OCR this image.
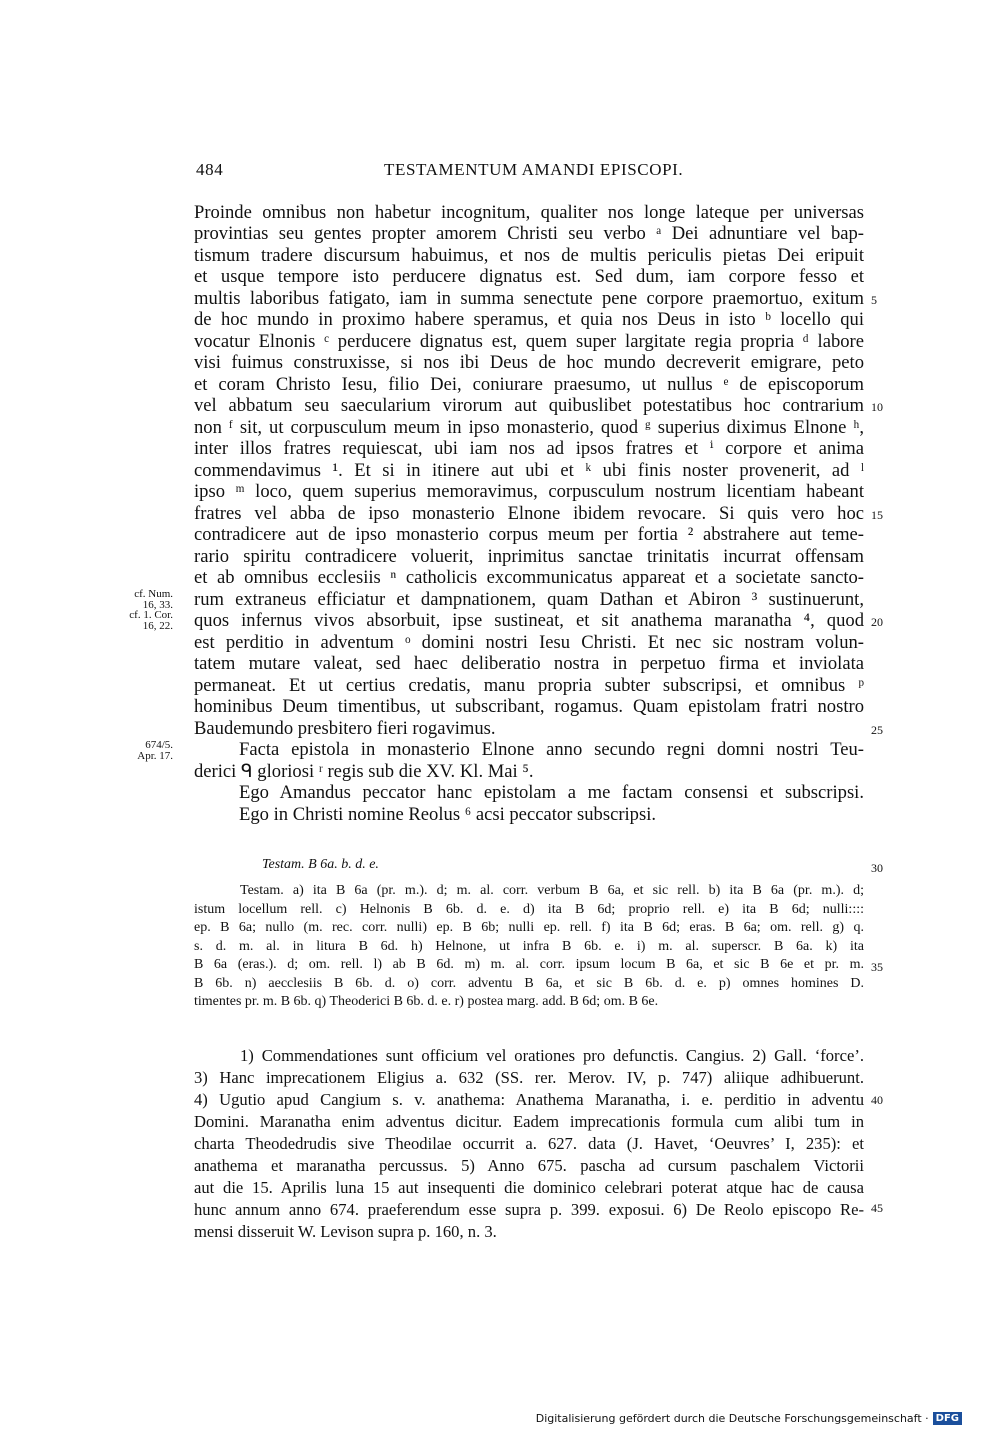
484	TESTAMENTUM AMANDI EPISCOPI.
Proinde omnibus non habetur incognitum, qualiter nos longe lateque per universas
provintias seu gentes propter amorem Christi seu verbo ᵃ Dei adnuntiare vel bap-
tismum tradere discursum habuimus, et nos de multis periculis pietas Dei eripuit
et usque tempore isto perducere dignatus est. Sed dum, iam corpore fesso et
multis laboribus fatigato, iam in summa senectute pene corpore praemortuo, exitum
de hoc mundo in proximo habere speramus, et quia nos Deus in isto ᵇ locello qui
vocatur Elnonis ᶜ perducere dignatus est, quem super largitate regia propria ᵈ labore
visi fuimus construxisse, si nos ibi Deus de hoc mundo decreverit emigrare, peto
et coram Christo Iesu, filio Dei, coniurare praesumo, ut nullus ᵉ de episcoporum
vel abbatum seu saecularium virorum aut quibuslibet potestatibus hoc contrarium
non ᶠ sit, ut corpusculum meum in ipso monasterio, quod ᵍ superius diximus Elnone ʰ,
inter illos fratres requiescat, ubi iam nos ad ipsos fratres et ⁱ corpore et anima
commendavimus ¹. Et si in itinere aut ubi et ᵏ ubi finis noster provenerit, ad ˡ
ipso ᵐ loco, quem superius memoravimus, corpusculum nostrum licentiam habeant
fratres vel abba de ipso monasterio Elnone ibidem revocare. Si quis vero hoc
contradicere aut de ipso monasterio corpus meum per fortia ² abstrahere aut teme-
rario spiritu contradicere voluerit, inprimitus sanctae trinitatis incurrat offensam
et ab omnibus ecclesiis ⁿ catholicis excommunicatus appareat et a societate sancto-
rum extraneus efficiatur et dampnationem, quam Dathan et Abiron ³ sustinuerunt,
quos infernus vivos absorbuit, ipse sustineat, et sit anathema maranatha ⁴, quod
est perditio in adventum ᵒ domini nostri Iesu Christi. Et nec sic nostram volun-
tatem mutare valeat, sed haec deliberatio nostra in perpetuo firma et inviolata
permaneat. Et ut certius credatis, manu propria subter subscripsi, et omnibus ᵖ
hominibus Deum timentibus, ut subscribant, rogamus. Quam epistolam fratri nostro
Baudemundo presbitero fieri rogavimus.
Facta epistola in monasterio Elnone anno secundo regni domni nostri Teu-
derici ᑫ gloriosi ʳ regis sub die XV. Kl. Mai ⁵.
Ego Amandus peccator hanc epistolam a me factam consensi et subscripsi.
Ego in Christi nomine Reolus ⁶ acsi peccator subscripsi.
cf. Num.
16, 33.
cf. 1. Cor.
16, 22.
674/5.
Apr. 17.
5
10
15
20
25
30
35
40
45
Testam. B 6a. b. d. e.
Testam. a) ita B 6a (pr. m.). d; m. al. corr. verbum B 6a, et sic rell. b) ita B 6a (pr. m.). d;
istum locellum rell. c) Helnonis B 6b. d. e. d) ita B 6d; proprio rell. e) ita B 6d; nulli::::
ep. B 6a; nullo (m. rec. corr. nulli) ep. B 6b; nulli ep. rell. f) ita B 6d; eras. B 6a; om. rell. g) q.
s. d. m. al. in litura B 6d. h) Helnone, ut infra B 6b. e. i) m. al. superscr. B 6a. k) ita
B 6a (eras.). d; om. rell. l) ab B 6d. m) m. al. corr. ipsum locum B 6a, et sic B 6e et pr. m.
B 6b. n) aecclesiis B 6b. d. o) corr. adventu B 6a, et sic B 6b. d. e. p) omnes homines D.
timentes pr. m. B 6b. q) Theoderici B 6b. d. e. r) postea marg. add. B 6d; om. B 6e.
1) Commendationes sunt officium vel orationes pro defunctis. Cangius. 2) Gall. ‘force’.
3) Hanc imprecationem Eligius a. 632 (SS. rer. Merov. IV, p. 747) aliique adhibuerunt.
4) Ugutio apud Cangium s. v. anathema: Anathema Maranatha, i. e. perditio in adventu
Domini. Maranatha enim adventus dicitur. Eadem imprecationis formula cum alibi tum in
charta Theodedrudis sive Theodilae occurrit a. 627. data (J. Havet, ‘Oeuvres’ I, 235): et
anathema et maranatha percussus. 5) Anno 675. pascha ad cursum paschalem Victorii
aut die 15. Aprilis luna 15 aut insequenti die dominico celebrari poterat atque hac de causa
hunc annum anno 674. praeferendum esse supra p. 399. exposui. 6) De Reolo episcopo Re-
mensi disseruit W. Levison supra p. 160, n. 3.
Digitalisierung gefördert durch die Deutsche Forschungsgemeinschaft · DFG
